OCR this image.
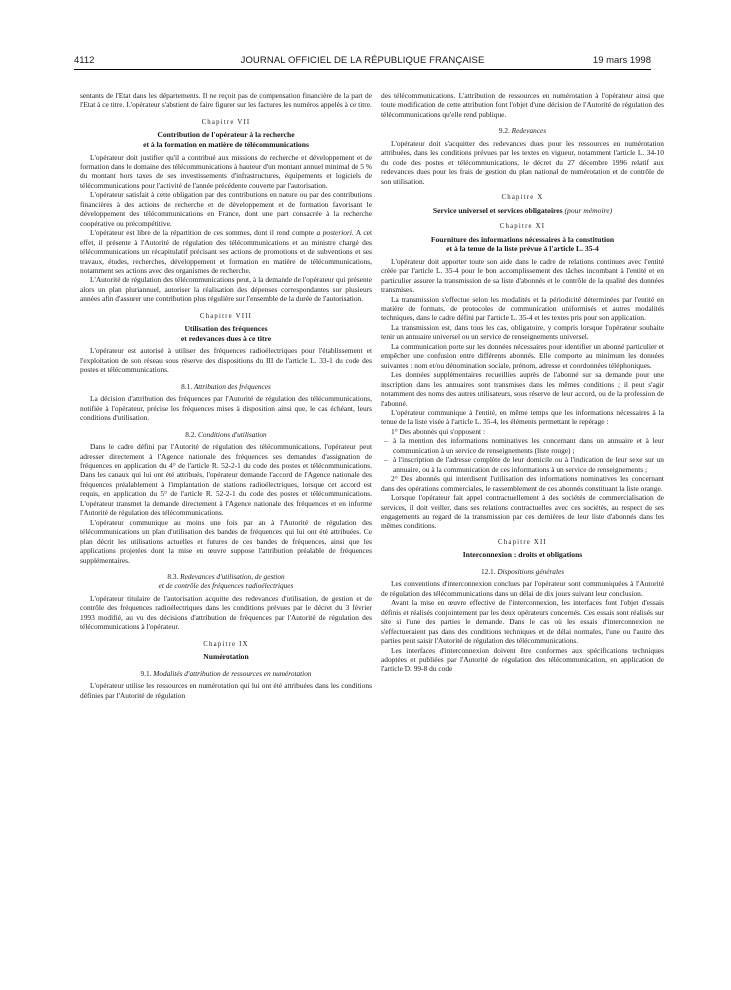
4112	JOURNAL OFFICIEL DE LA RÉPUBLIQUE FRANÇAISE	19 mars 1998

sentants de l'Etat dans les départements. Il ne reçoit pas de compensation financière de la part de l'Etat à ce titre. L'opérateur s'abstient de faire figurer sur les factures les numéros appelés à ce titre.

Chapitre VII
Contribution de l'opérateur à la recherche
et à la formation en matière de télécommunications

L'opérateur doit justifier qu'il a contribué aux missions de recherche et développement et de formation dans le domaine des télécommunications à hauteur d'un montant annuel minimal de 5 % du montant hors taxes de ses investissements d'infrastructures, équipements et logiciels de télécommunications pour l'activité de l'année précédente couverte par l'autorisation.

L'opérateur satisfait à cette obligation par des contributions en nature ou par des contributions financières à des actions de recherche et de développement et de formation favorisant le développement des télécommunications en France, dont une part consacrée à la recherche coopérative ou précompétitive.

L'opérateur est libre de la répartition de ces sommes, dont il rend compte a posteriori. A cet effet, il présente à l'Autorité de régulation des télécommunications et au ministre chargé des télécommunications un récapitulatif précisant ses actions de promotions et de subventions et ses travaux, études, recherches, développement et formation en matière de télécommunications, notamment ses actions avec des organismes de recherche.

L'Autorité de régulation des télécommunications peut, à la demande de l'opérateur qui présente alors un plan pluriannuel, autoriser la réalisation des dépenses correspondantes sur plusieurs années afin d'assurer une contribution plus régulière sur l'ensemble de la durée de l'autorisation.

Chapitre VIII
Utilisation des fréquences
et redevances dues à ce titre

L'opérateur est autorisé à utiliser des fréquences radioélectriques pour l'établissement et l'exploitation de son réseau sous réserve des dispositions du III de l'article L. 33-1 du code des postes et télécommunications.

8.1. Attribution des fréquences

La décision d'attribution des fréquences par l'Autorité de régulation des télécommunications, notifiée à l'opérateur, précise les fréquences mises à disposition ainsi que, le cas échéant, leurs conditions d'utilisation.

8.2. Conditions d'utilisation

Dans le cadre défini par l'Autorité de régulation des télécommunications, l'opérateur peut adresser directement à l'Agence nationale des fréquences ses demandes d'assignation de fréquences en application du 4° de l'article R. 52-2-1 du code des postes et télécommunications. Dans les canaux qui lui ont été attribués, l'opérateur demande l'accord de l'Agence nationale des fréquences préalablement à l'implantation de stations radioélectriques, lorsque cet accord est requis, en application du 5° de l'article R. 52-2-1 du code des postes et télécommunications. L'opérateur transmet la demande directement à l'Agence nationale des fréquences et en informe l'Autorité de régulation des télécommunications.

L'opérateur communique au moins une fois par an à l'Autorité de régulation des télécommunications un plan d'utilisation des bandes de fréquences qui lui ont été attribuées. Ce plan décrit les utilisations actuelles et futures de ces bandes de fréquences, ainsi que les applications projetées dont la mise en œuvre suppose l'attribution préalable de fréquences supplémentaires.

8.3. Redevances d'utilisation, de gestion
et de contrôle des fréquences radioélectriques

L'opérateur titulaire de l'autorisation acquitte des redevances d'utilisation, de gestion et de contrôle des fréquences radioélectriques dans les conditions prévues par le décret du 3 février 1993 modifié, au vu des décisions d'attribution de fréquences par l'Autorité de régulation des télécommunications à l'opérateur.

Chapitre IX
Numérotation
9.1. Modalités d'attribution de ressources en numérotation

L'opérateur utilise les ressources en numérotation qui lui ont été attribuées dans les conditions définies par l'Autorité de régulation

des télécommunications. L'attribution de ressources en numérotation à l'opérateur ainsi que toute modification de cette attribution font l'objet d'une décision de l'Autorité de régulation des télécommunications qu'elle rend publique.

9.2. Redevances

L'opérateur doit s'acquitter des redevances dues pour les ressources en numérotation attribuées, dans les conditions prévues par les textes en vigueur, notamment l'article L. 34-10 du code des postes et télécommunications, le décret du 27 décembre 1996 relatif aux redevances dues pour les frais de gestion du plan national de numérotation et de contrôle de son utilisation.

Chapitre X
Service universel et services obligatoires (pour mémoire)
Chapitre XI
Fourniture des informations nécessaires à la constitution
et à la tenue de la liste prévue à l'article L. 35-4

L'opérateur doit apporter toute son aide dans le cadre de relations continues avec l'entité créée par l'article L. 35-4 pour le bon accomplissement des tâches incombant à l'entité et en particulier assurer la transmission de sa liste d'abonnés et le contrôle de la qualité des données transmises.

La transmission s'effectue selon les modalités et la périodicité déterminées par l'entité en matière de formats, de protocoles de communication uniformisés et autres modalités techniques, dans le cadre défini par l'article L. 35-4 et les textes pris pour son application.

La transmission est, dans tous les cas, obligatoire, y compris lorsque l'opérateur souhaite tenir un annuaire universel ou un service de renseignements universel.

La communication porte sur les données nécessaires pour identifier un abonné particulier et empêcher une confusion entre différents abonnés. Elle comporte au minimum les données suivantes : nom et/ou dénomination sociale, prénom, adresse et coordonnées téléphoniques.

Les données supplémentaires recueillies auprès de l'abonné sur sa demande pour une inscription dans les annuaires sont transmises dans les mêmes conditions ; il peut s'agir notamment des noms des autres utilisateurs, sous réserve de leur accord, ou de la profession de l'abonné.

L'opérateur communique à l'entité, en même temps que les informations nécessaires à la tenue de la liste visée à l'article L. 35-4, les éléments permettant le repérage :

1° Des abonnés qui s'opposent :

– à la mention des informations nominatives les concernant dans un annuaire et à leur communication à un service de renseignements (liste rouge) ;

– à l'inscription de l'adresse complète de leur domicile ou à l'indication de leur sexe sur un annuaire, ou à la communication de ces informations à un service de renseignements ;

2° Des abonnés qui interdisent l'utilisation des informations nominatives les concernant dans des opérations commerciales, le rassemblement de ces abonnés constituant la liste orange.

Lorsque l'opérateur fait appel contractuellement à des sociétés de commercialisation de services, il doit veiller, dans ses relations contractuelles avec ces sociétés, au respect de ses engagements au regard de la transmission par ces dernières de leur liste d'abonnés dans les mêmes conditions.

Chapitre XII
Interconnexion : droits et obligations
12.1. Dispositions générales

Les conventions d'interconnexion conclues par l'opérateur sont communiquées à l'Autorité de régulation des télécommunications dans un délai de dix jours suivant leur conclusion.

Avant la mise en œuvre effective de l'interconnexion, les interfaces font l'objet d'essais définis et réalisés conjointement par les deux opérateurs concernés. Ces essais sont réalisés sur site si l'une des parties le demande. Dans le cas où les essais d'interconnexion ne s'effectueraient pas dans des conditions techniques et de délai normales, l'une ou l'autre des parties peut saisir l'Autorité de régulation des télécommunications.

Les interfaces d'interconnexion doivent être conformes aux spécifications techniques adoptées et publiées par l'Autorité de régulation des télécommunication, en application de l'article D. 99-8 du code
